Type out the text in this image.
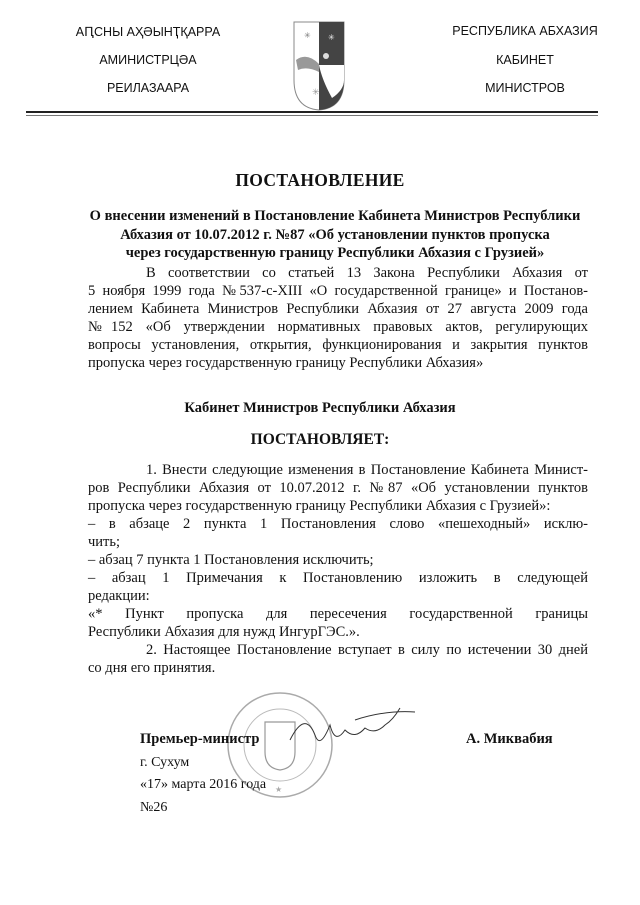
АԤСНЫ АҲӘЫНҬҚАРРА
АМИНИСТРЦӘА
РЕИЛАЗААРА
РЕСПУБЛИКА АБХАЗИЯ
КАБИНЕТ
МИНИСТРОВ
✳ ✳
✳
ПОСТАНОВЛЕНИЕ
О внесении изменений в Постановление Кабинета Министров Республики
Абхазия от 10.07.2012 г. №87 «Об установлении пунктов пропуска
через государственную границу Республики Абхазия с Грузией»
В соответствии со статьей 13 Закона Республики Абхазия от
5 ноября 1999 года №537-с-XIII «О государственной границе» и Постанов-
лением Кабинета Министров Республики Абхазия от 27 августа 2009 года
№152 «Об утверждении нормативных правовых актов, регулирующих
вопросы установления, открытия, функционирования и закрытия пунктов
пропуска через государственную границу Республики Абхазия»
Кабинет Министров Республики Абхазия
ПОСТАНОВЛЯЕТ:
1. Внести следующие изменения в Постановление Кабинета Минист-
ров Республики Абхазия от 10.07.2012 г. №87 «Об установлении пунктов
пропуска через государственную границу Республики Абхазия с Грузией»:
– в абзаце 2 пункта 1 Постановления слово «пешеходный» исклю-
чить;
– абзац 7 пункта 1 Постановления исключить;
– абзац 1 Примечания к Постановлению изложить в следующей
редакции:
«* Пункт пропуска для пересечения государственной границы
Республики Абхазия для нужд ИнгурГЭС.».
2. Настоящее Постановление вступает в силу по истечении 30 дней
со дня его принятия.
★
Премьер-министр	А. Миквабия
г. Сухум
«17» марта 2016 года
№26
